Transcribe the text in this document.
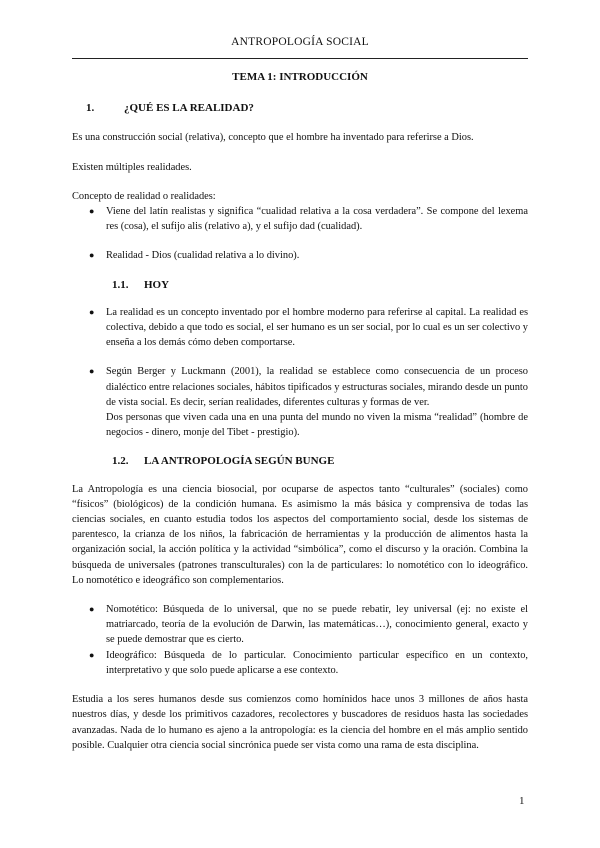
ANTROPOLOGÍA SOCIAL
TEMA 1: INTRODUCCIÓN
1.	¿QUÉ ES LA REALIDAD?

Es una construcción social (relativa), concepto que el hombre ha inventado para referirse a Dios.

Existen múltiples realidades.

Concepto de realidad o realidades:

● Viene del latín realistas y significa “cualidad relativa a la cosa verdadera”. Se compone del lexema res (cosa), el sufijo alis (relativo a), y el sufijo dad (cualidad).
● Realidad - Dios (cualidad relativa a lo divino).
1.1.	HOY
● La realidad es un concepto inventado por el hombre moderno para referirse al capital. La realidad es colectiva, debido a que todo es social, el ser humano es un ser social, por lo cual es un ser colectivo y enseña a los demás cómo deben comportarse.
● Según Berger y Luckmann (2001), la realidad se establece como consecuencia de un proceso dialéctico entre relaciones sociales, hábitos tipificados y estructuras sociales, mirando desde un punto de vista social. Es decir, serían realidades, diferentes culturas y formas de ver.
Dos personas que viven cada una en una punta del mundo no viven la misma “realidad” (hombre de negocios - dinero, monje del Tibet - prestigio).
1.2.	LA ANTROPOLOGÍA SEGÚN BUNGE

La Antropología es una ciencia biosocial, por ocuparse de aspectos tanto “culturales” (sociales) como “físicos” (biológicos) de la condición humana. Es asimismo la más básica y comprensiva de todas las ciencias sociales, en cuanto estudia todos los aspectos del comportamiento social, desde los sistemas de parentesco, la crianza de los niños, la fabricación de herramientas y la producción de alimentos hasta la organización social, la acción política y la actividad “simbólica”, como el discurso y la oración. Combina la búsqueda de universales (patrones transculturales) con la de particulares: lo nomotético con lo ideográfico. Lo nomotético e ideográfico son complementarios.

● Nomotético: Búsqueda de lo universal, que no se puede rebatir, ley universal (ej: no existe el matriarcado, teoría de la evolución de Darwin, las matemáticas…), conocimiento general, exacto y se puede demostrar que es cierto.
● Ideográfico: Búsqueda de lo particular. Conocimiento particular específico en un contexto, interpretativo y que solo puede aplicarse a ese contexto.

Estudia a los seres humanos desde sus comienzos como homínidos hace unos 3 millones de años hasta nuestros días, y desde los primitivos cazadores, recolectores y buscadores de residuos hasta las sociedades avanzadas. Nada de lo humano es ajeno a la antropología: es la ciencia del hombre en el más amplio sentido posible. Cualquier otra ciencia social sincrónica puede ser vista como una rama de esta disciplina.

1
